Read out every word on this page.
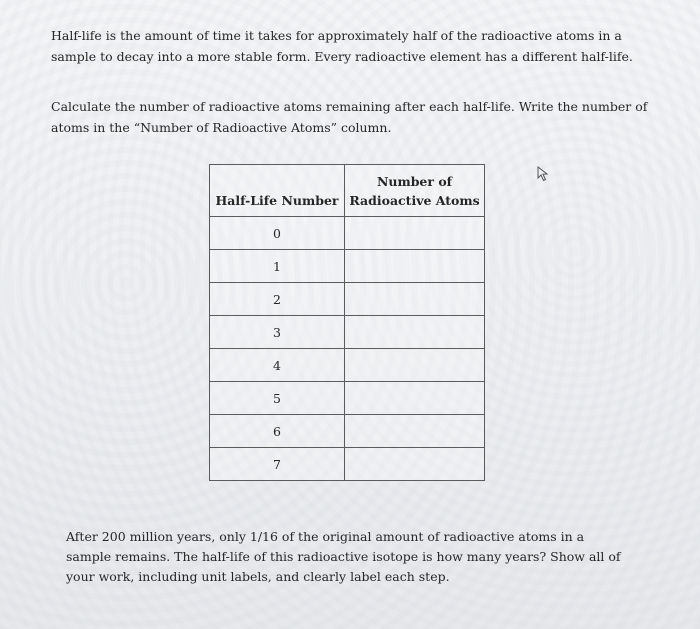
Half-life is the amount of time it takes for approximately half of the radioactive atoms in a sample to decay into a more stable form. Every radioactive element has a different half-life.

Calculate the number of radioactive atoms remaining after each half-life. Write the number of atoms in the “Number of Radioactive Atoms” column.

Half-Life Number	Number of Radioactive Atoms
0	
1	
2	
3	
4	
5	
6	
7	

After 200 million years, only 1/16 of the original amount of radioactive atoms in a sample remains. The half-life of this radioactive isotope is how many years? Show all of your work, including unit labels, and clearly label each step.
